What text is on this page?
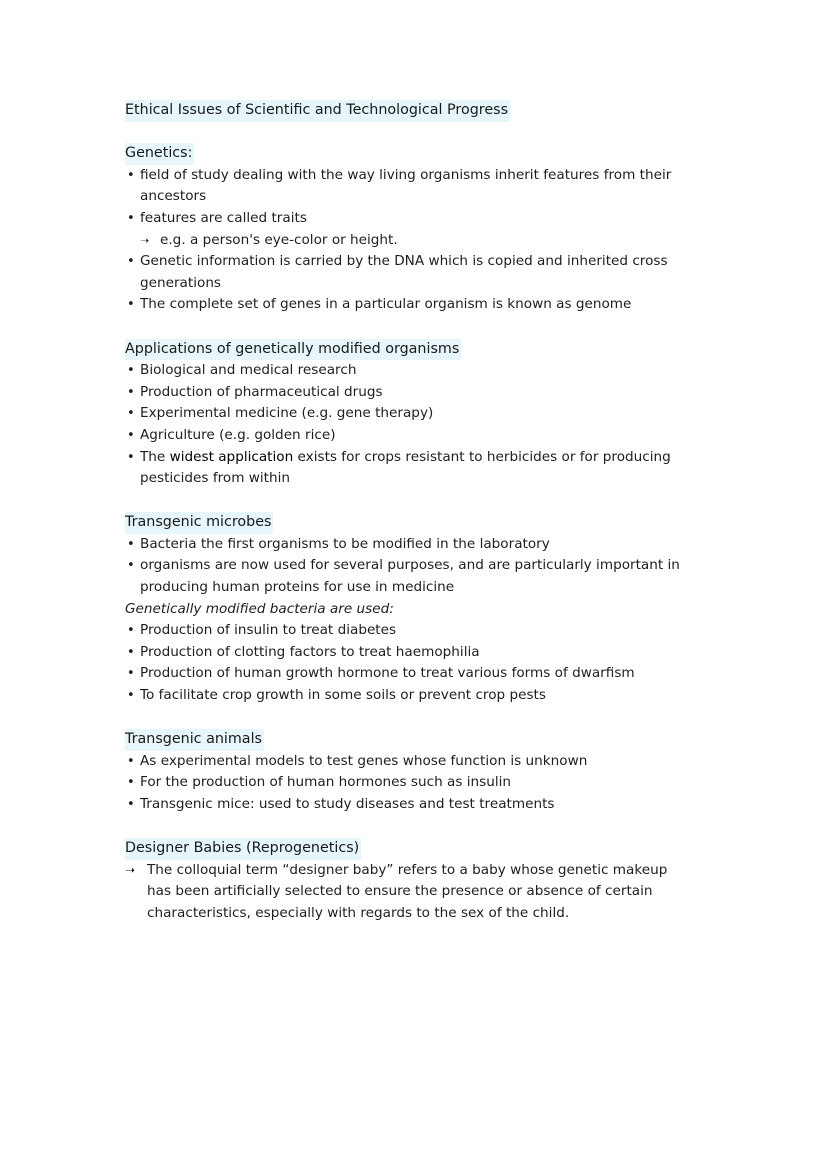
Ethical Issues of Scientific and Technological Progress
Genetics:
• field of study dealing with the way living organisms inherit features from their
ancestors
• features are called traits
➝ e.g. a person's eye-color or height.
• Genetic information is carried by the DNA which is copied and inherited cross
generations
• The complete set of genes in a particular organism is known as genome
Applications of genetically modified organisms
• Biological and medical research
• Production of pharmaceutical drugs
• Experimental medicine (e.g. gene therapy)
• Agriculture (e.g. golden rice)
• The widest application exists for crops resistant to herbicides or for producing
pesticides from within
Transgenic microbes
• Bacteria the first organisms to be modified in the laboratory
• organisms are now used for several purposes, and are particularly important in
producing human proteins for use in medicine
Genetically modified bacteria are used:
• Production of insulin to treat diabetes
• Production of clotting factors to treat haemophilia
• Production of human growth hormone to treat various forms of dwarfism
• To facilitate crop growth in some soils or prevent crop pests
Transgenic animals
• As experimental models to test genes whose function is unknown
• For the production of human hormones such as insulin
• Transgenic mice: used to study diseases and test treatments
Designer Babies (Reprogenetics)
➝ The colloquial term “designer baby” refers to a baby whose genetic makeup
has been artificially selected to ensure the presence or absence of certain
characteristics, especially with regards to the sex of the child.
